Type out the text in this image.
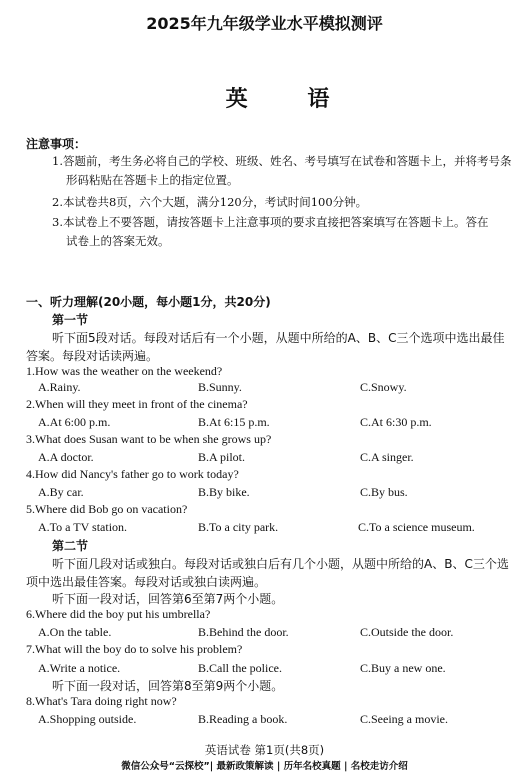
2025年九年级学业水平模拟测评
英 语
注意事项：
1.答题前，考生务必将自己的学校、班级、姓名、考号填写在试卷和答题卡上，并将考号条
形码粘贴在答题卡上的指定位置。
2.本试卷共8页，六个大题，满分120分，考试时间100分钟。
3.本试卷上不要答题，请按答题卡上注意事项的要求直接把答案填写在答题卡上。答在
试卷上的答案无效。
一、听力理解(20小题，每小题1分，共20分)
第一节
听下面5段对话。每段对话后有一个小题，从题中所给的A、B、C三个选项中选出最佳
答案。每段对话读两遍。
1.How was the weather on the weekend?
A.Rainy.	B.Sunny.	C.Snowy.
2.When will they meet in front of the cinema?
A.At 6:00 p.m.	B.At 6:15 p.m.	C.At 6:30 p.m.
3.What does Susan want to be when she grows up?
A.A doctor.	B.A pilot.	C.A singer.
4.How did Nancy's father go to work today?
A.By car.	B.By bike.	C.By bus.
5.Where did Bob go on vacation?
A.To a TV station.	B.To a city park.	C.To a science museum.
第二节
听下面几段对话或独白。每段对话或独白后有几个小题，从题中所给的A、B、C三个选
项中选出最佳答案。每段对话或独白读两遍。
听下面一段对话，回答第6至第7两个小题。
6.Where did the boy put his umbrella?
A.On the table.	B.Behind the door.	C.Outside the door.
7.What will the boy do to solve his problem?
A.Write a notice.	B.Call the police.	C.Buy a new one.
听下面一段对话，回答第8至第9两个小题。
8.What's Tara doing right now?
A.Shopping outside.	B.Reading a book.	C.Seeing a movie.
英语试卷 第1页(共8页)
微信公众号“云探校”| 最新政策解读 | 历年名校真题 | 名校走访介绍
